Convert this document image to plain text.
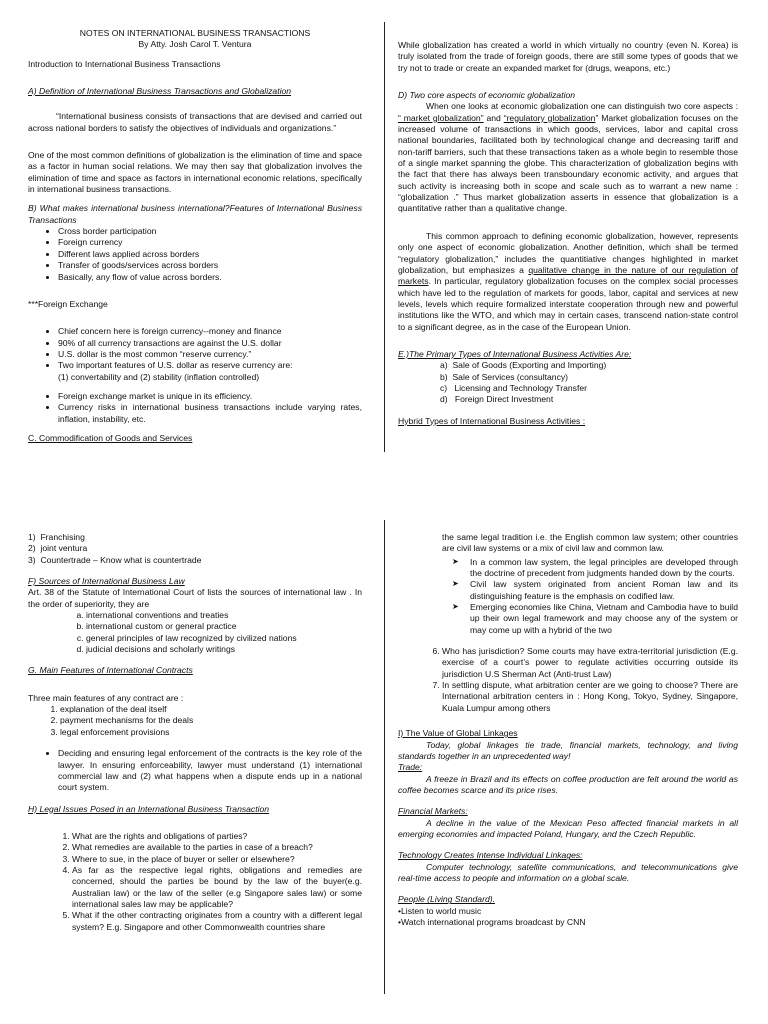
NOTES ON INTERNATIONAL BUSINESS TRANSACTIONS
By Atty. Josh Carol T. Ventura

Introduction to International Business Transactions

A) Definition of International Business Transactions and Globalization

“International business consists of transactions that are devised and carried out across national borders to satisfy the objectives of individuals and organizations.”

One of the most common definitions of globalization is the elimination of time and space as a factor in human social relations. We may then say that globalization involves the elimination of time and space as factors in international economic relations, specifically in international business transactions.

B) What makes international business international?Features of International Business Transactions

• Cross border participation
• Foreign currency
• Different laws applied across borders
• Transfer of goods/services across borders
• Basically, any flow of value across borders.

***Foreign Exchange

• Chief concern here is foreign currency--money and finance
• 90% of all currency transactions are against the U.S. dollar
• U.S. dollar is the most common “reserve currency.”
• Two important features of U.S. dollar as reserve currency are:
(1) convertability and (2) stability (inflation controlled)
• Foreign exchange market is unique in its efficiency.
• Currency risks in international business transactions include varying rates, inflation, instability, etc.

C. Commodification of Goods and Services

While globalization has created a world in which virtually no country (even N. Korea) is truly isolated from the trade of foreign goods, there are still some types of goods that we try not to trade or create an expanded market for (drugs, weapons, etc.)

D) Two core aspects of economic globalization

When one looks at economic globalization one can distinguish two core aspects : “ market globalization” and “regulatory globalization” Market globalization focuses on the increased volume of transactions in which goods, services, labor and capital cross national boundaries, facilitated both by technological change and decreasing tariff and non-tariff barriers, such that these transactions taken as a whole begin to resemble those of a single market spanning the globe. This characterization of globalization begins with the fact that there has always been transboundary economic activity, and argues that such activity is increasing both in scope and scale such as to warrant a new name : “globalization .” Thus market globalization asserts in essence that globalization is a quantitative rather than a qualitative change.

This common approach to defining economic globalization, however, represents only one aspect of economic globalization. Another definition, which shall be termed “regulatory globalization,” includes the quantitiative changes highlighted in market globalization, but emphasizes a qualitative change in the nature of our regulation of markets. In particular, regulatory globalization focuses on the complex social processes which have led to the regulation of markets for goods, labor, capital and services at new levels, levels which require formalized interstate cooperation through new and powerful institutions like the WTO, and which may in certain cases, transcend nation-state control to a significant degree, as in the case of the European Union.

E.)The Primary Types of International Business Activities Are:

a) Sale of Goods (Exporting and Importing)
b) Sale of Services (consultancy)
c) Licensing and Technology Transfer
d) Foreign Direct Investment

Hybrid Types of International Business Activities :

1) Franchising
2) joint ventura
3) Countertrade – Know what is countertrade

F) Sources of International Business Law

Art. 38 of the Statute of International Court of lists the sources of international law . In the order of superiority, they are

a. international conventions and treaties
b. international custom or general practice
c. general principles of law recognized by civilized nations
d. judicial decisions and scholarly writings

G. Main Features of International Contracts

Three main features of any contract are :

1. explanation of the deal itself
2. payment mechanisms for the deals
3. legal enforcement provisions
• Deciding and ensuring legal enforcement of the contracts is the key role of the lawyer. In ensuring enforceability, lawyer must understand (1) international commercial law and (2) what happens when a dispute ends up in a national court system.

H) Legal Issues Posed in an International Business Transaction

1. What are the rights and obligations of parties?
2. What remedies are available to the parties in case of a breach?
3. Where to sue, in the place of buyer or seller or elsewhere?
4. As far as the respective legal rights, obligations and remedies are concerned, should the parties be bound by the law of the buyer(e.g. Australian law) or the law of the seller (e.g Singapore sales law) or some international sales law may be applicable?
5. What if the other contracting originates from a country with a different legal system? E.g. Singapore and other Commonwealth countries share

the same legal tradition i.e. the English common law system; other countries are civil law systems or a mix of civil law and common law.

➤ In a common law system, the legal principles are developed through the doctrine of precedent from judgments handed down by the courts.
➤ Civil law system originated from ancient Roman law and its distinguishing feature is the emphasis on codified law.
➤ Emerging economies like China, Vietnam and Cambodia have to build up their own legal framework and may choose any of the system or may come up with a hybrid of the two
6. Who has jurisdiction? Some courts may have extra-territorial jurisdiction (E.g. exercise of a court’s power to regulate activities occurring outside its jurisdiction U.S Sherman Act (Anti-trust Law)
7. In settling dispute, what arbitration center are we going to choose? There are International arbitration centers in : Hong Kong, Tokyo, Sydney, Singapore, Kuala Lumpur among others

I) The Value of Global Linkages

Today, global linkages tie trade, financial markets, technology, and living standards together in an unprecedented way!

Trade:

A freeze in Brazil and its effects on coffee production are felt around the world as coffee becomes scarce and its price rises.

Financial Markets:

A decline in the value of the Mexican Peso affected financial markets in all emerging economies and impacted Poland, Hungary, and the Czech Republic.

Technology Creates Intense Individual Linkages:

Computer technology, satellite communications, and telecommunications give real-time access to people and information on a global scale.

People (Living Standard).

•Listen to world music
•Watch international programs broadcast by CNN
